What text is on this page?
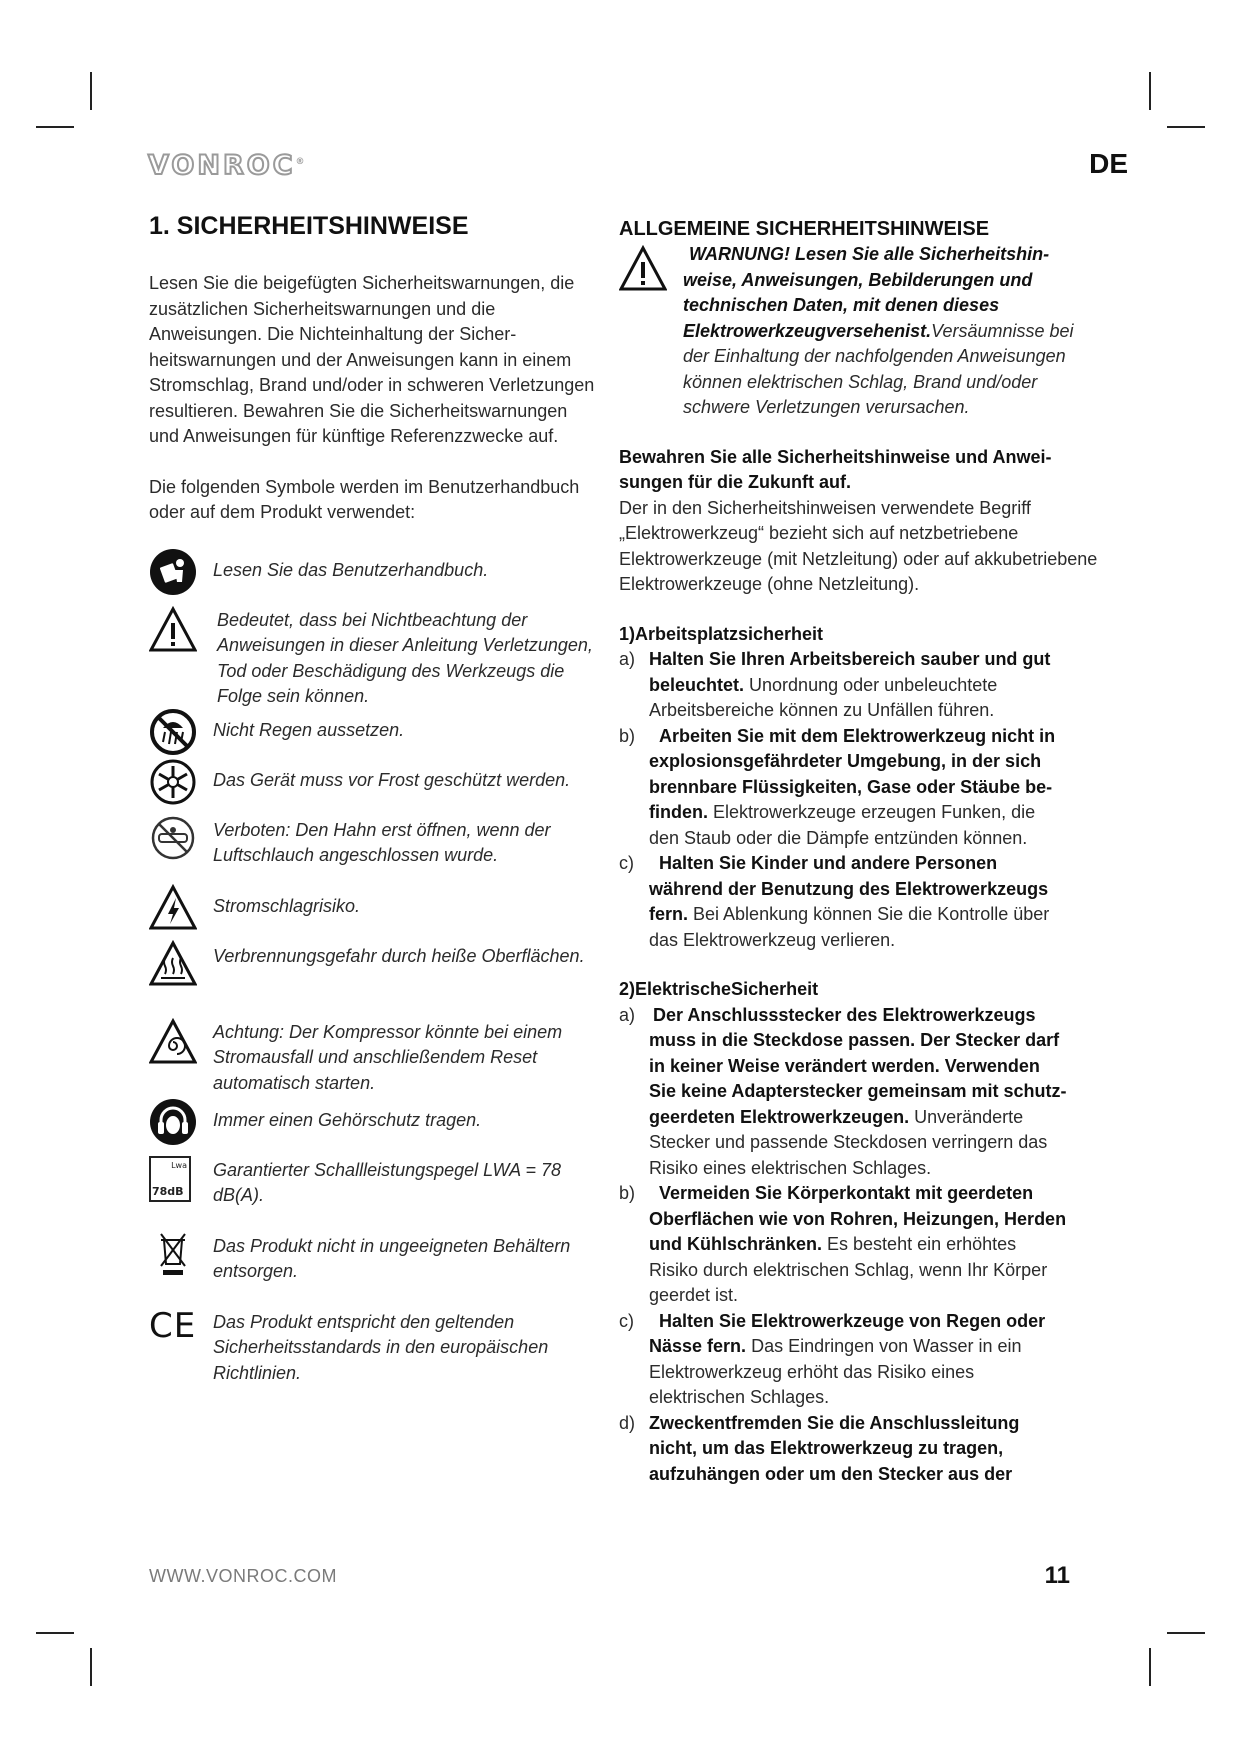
VONROC®	DE
1. SICHERHEITSHINWEISE

Lesen Sie die beigefügten Sicherheitswarnungen, die zusätzlichen Sicherheitswarnungen und die Anweisungen. Die Nichteinhaltung der Sicherheitswarnungen und der Anweisungen kann in einem Stromschlag, Brand und/oder in schweren Verletzungen resultieren. Bewahren Sie die Sicherheitswarnungen und Anweisungen für künftige Referenzzwecke auf.

Die folgenden Symbole werden im Benutzerhandbuch oder auf dem Produkt verwendet:

Lesen Sie das Benutzerhandbuch.
Bedeutet, dass bei Nichtbeachtung der Anweisungen in dieser Anleitung Verletzungen, Tod oder Beschädigung des Werkzeugs die Folge sein können.
Nicht Regen aussetzen.
Das Gerät muss vor Frost geschützt werden.
Verboten: Den Hahn erst öffnen, wenn der Luftschlauch angeschlossen wurde.
Stromschlagrisiko.
Verbrennungsgefahr durch heiße Oberflächen.
Achtung: Der Kompressor könnte bei einem Stromausfall und anschließendem Reset automatisch starten.
Immer einen Gehörschutz tragen.
Lwa
78dB
Garantierter Schallleistungspegel LWA = 78 dB(A).
Das Produkt nicht in ungeeigneten Behältern entsorgen.
CE Das Produkt entspricht den geltenden Sicherheitsstandards in den europäischen Richtlinien.
ALLGEMEINE SICHERHEITSHINWEISE
WARNUNG! Lesen Sie alle Sicherheitshinweise, Anweisungen, Bebilderungen und technischen Daten, mit denen dieses Elektrowerkzeugversehenist.Versäumnisse bei der Einhaltung der nachfolgenden Anweisungen können elektrischen Schlag, Brand und/oder schwere Verletzungen verursachen.

Bewahren Sie alle Sicherheitshinweise und Anweisungen für die Zukunft auf.

Der in den Sicherheitshinweisen verwendete Begriff „Elektrowerkzeug“ bezieht sich auf netzbetriebene Elektrowerkzeuge (mit Netzleitung) oder auf akkubetriebene Elektrowerkzeuge (ohne Netzleitung).

1)Arbeitsplatzsicherheit

a) Halten Sie Ihren Arbeitsbereich sauber und gut beleuchtet. Unordnung oder unbeleuchtete Arbeitsbereiche können zu Unfällen führen.
b)	Arbeiten Sie mit dem Elektrowerkzeug nicht in explosionsgefährdeter Umgebung, in der sich brennbare Flüssigkeiten, Gase oder Stäube befinden. Elektrowerkzeuge erzeugen Funken, die den Staub oder die Dämpfe entzünden können.
c)	Halten Sie Kinder und andere Personen während der Benutzung des Elektrowerkzeugs fern. Bei Ablenkung können Sie die Kontrolle über das Elektrowerkzeug verlieren.

2)ElektrischeSicherheit

a) Der Anschlussstecker des Elektrowerkzeugs muss in die Steckdose passen. Der Stecker darf in keiner Weise verändert werden. Verwenden Sie keine Adapterstecker gemeinsam mit schutzgeerdeten Elektrowerkzeugen. Unveränderte Stecker und passende Steckdosen verringern das Risiko eines elektrischen Schlages.
b)	Vermeiden Sie Körperkontakt mit geerdeten Oberflächen wie von Rohren, Heizungen, Herden und Kühlschränken. Es besteht ein erhöhtes Risiko durch elektrischen Schlag, wenn Ihr Körper geerdet ist.
c)	Halten Sie Elektrowerkzeuge von Regen oder Nässe fern. Das Eindringen von Wasser in ein Elektrowerkzeug erhöht das Risiko eines elektrischen Schlages.
d) Zweckentfremden Sie die Anschlussleitung nicht, um das Elektrowerkzeug zu tragen, aufzuhängen oder um den Stecker aus der
WWW.VONROC.COM	11
